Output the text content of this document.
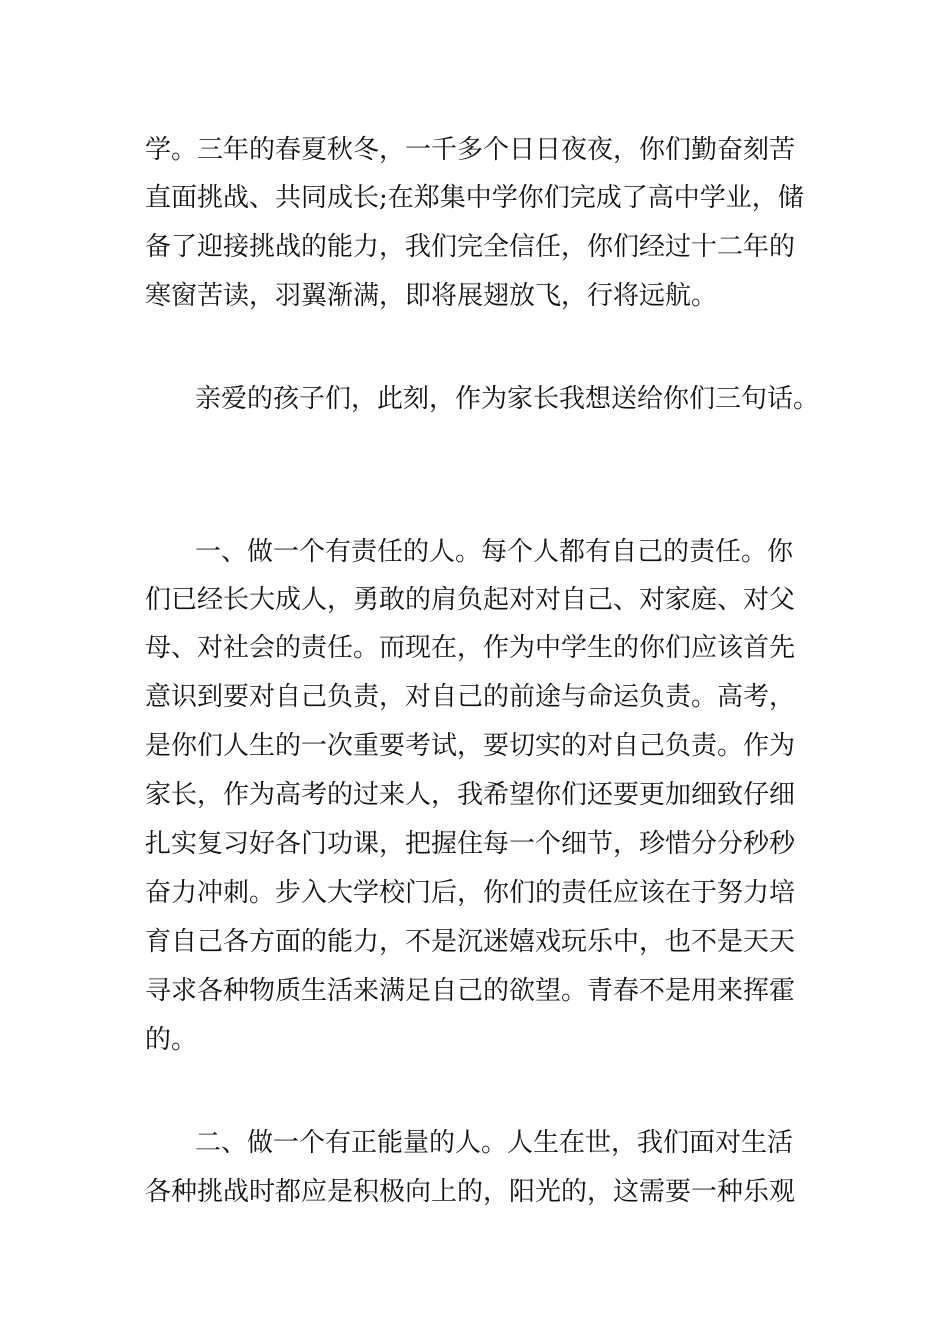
学。三年的春夏秋冬，一千多个日日夜夜，你们勤奋刻苦
直面挑战、共同成长;在郑集中学你们完成了高中学业，储
备了迎接挑战的能力，我们完全信任，你们经过十二年的
寒窗苦读，羽翼渐满，即将展翅放飞，行将远航。
亲爱的孩子们，此刻，作为家长我想送给你们三句话。
一、做一个有责任的人。每个人都有自己的责任。你
们已经长大成人，勇敢的肩负起对对自己、对家庭、对父
母、对社会的责任。而现在，作为中学生的你们应该首先
意识到要对自己负责，对自己的前途与命运负责。高考，
是你们人生的一次重要考试，要切实的对自己负责。作为
家长，作为高考的过来人，我希望你们还要更加细致仔细
扎实复习好各门功课，把握住每一个细节，珍惜分分秒秒
奋力冲刺。步入大学校门后，你们的责任应该在于努力培
育自己各方面的能力，不是沉迷嬉戏玩乐中，也不是天天
寻求各种物质生活来满足自己的欲望。青春不是用来挥霍
的。
二、做一个有正能量的人。人生在世，我们面对生活
各种挑战时都应是积极向上的，阳光的，这需要一种乐观
